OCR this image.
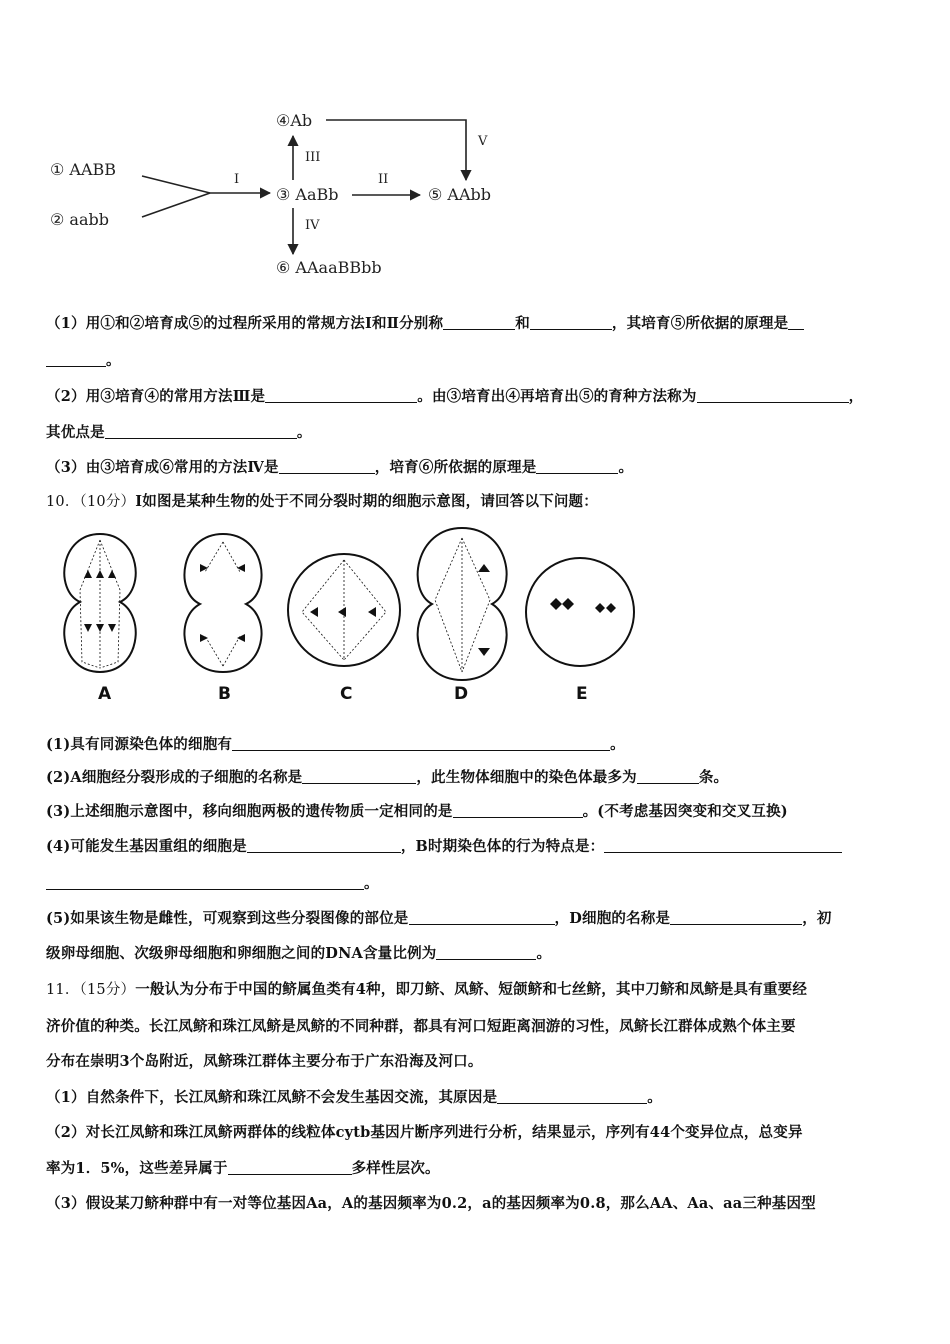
① AABB
② aabb
③ AaBb
④Ab
⑤ AAbb
⑥ AAaaBBbb
I	II
III
IV
V
（1）用①和②培育成⑤的过程所采用的常规方法Ⅰ和Ⅱ分别称	和	，其培育⑤所依据的原理是
。
（2）用③培育④的常用方法Ⅲ是	。由③培育出④再培育出⑤的育种方法称为	，
其优点是	。
（3）由③培育成⑥常用的方法Ⅳ是	，培育⑥所依据的原理是	。
10．（10分）Ⅰ如图是某种生物的处于不同分裂时期的细胞示意图，请回答以下问题：
A	B	C	D	E
(1)具有同源染色体的细胞有	。
(2)A细胞经分裂形成的子细胞的名称是	，此生物体细胞中的染色体最多为	条。
(3)上述细胞示意图中，移向细胞两极的遗传物质一定相同的是	。(不考虑基因突变和交叉互换)
(4)可能发生基因重组的细胞是	，B时期染色体的行为特点是：
。
(5)如果该生物是雌性，可观察到这些分裂图像的部位是	，D细胞的名称是	，初
级卵母细胞、次级卵母细胞和卵细胞之间的DNA含量比例为	。
11．（15分）一般认为分布于中国的鲚属鱼类有4种，即刀鲚、凤鲚、短颌鲚和七丝鲚，其中刀鲚和凤鲚是具有重要经
济价值的种类。长江凤鲚和珠江凤鲚是凤鲚的不同种群，都具有河口短距离洄游的习性，凤鲚长江群体成熟个体主要
分布在崇明3个岛附近，凤鲚珠江群体主要分布于广东沿海及河口。
（1）自然条件下，长江凤鲚和珠江凤鲚不会发生基因交流，其原因是	。
（2）对长江凤鲚和珠江凤鲚两群体的线粒体cytb基因片断序列进行分析，结果显示，序列有44个变异位点，总变异
率为1．5%，这些差异属于	多样性层次。
（3）假设某刀鲚种群中有一对等位基因Aa，A的基因频率为0.2，a的基因频率为0.8，那么AA、Aa、aa三种基因型
